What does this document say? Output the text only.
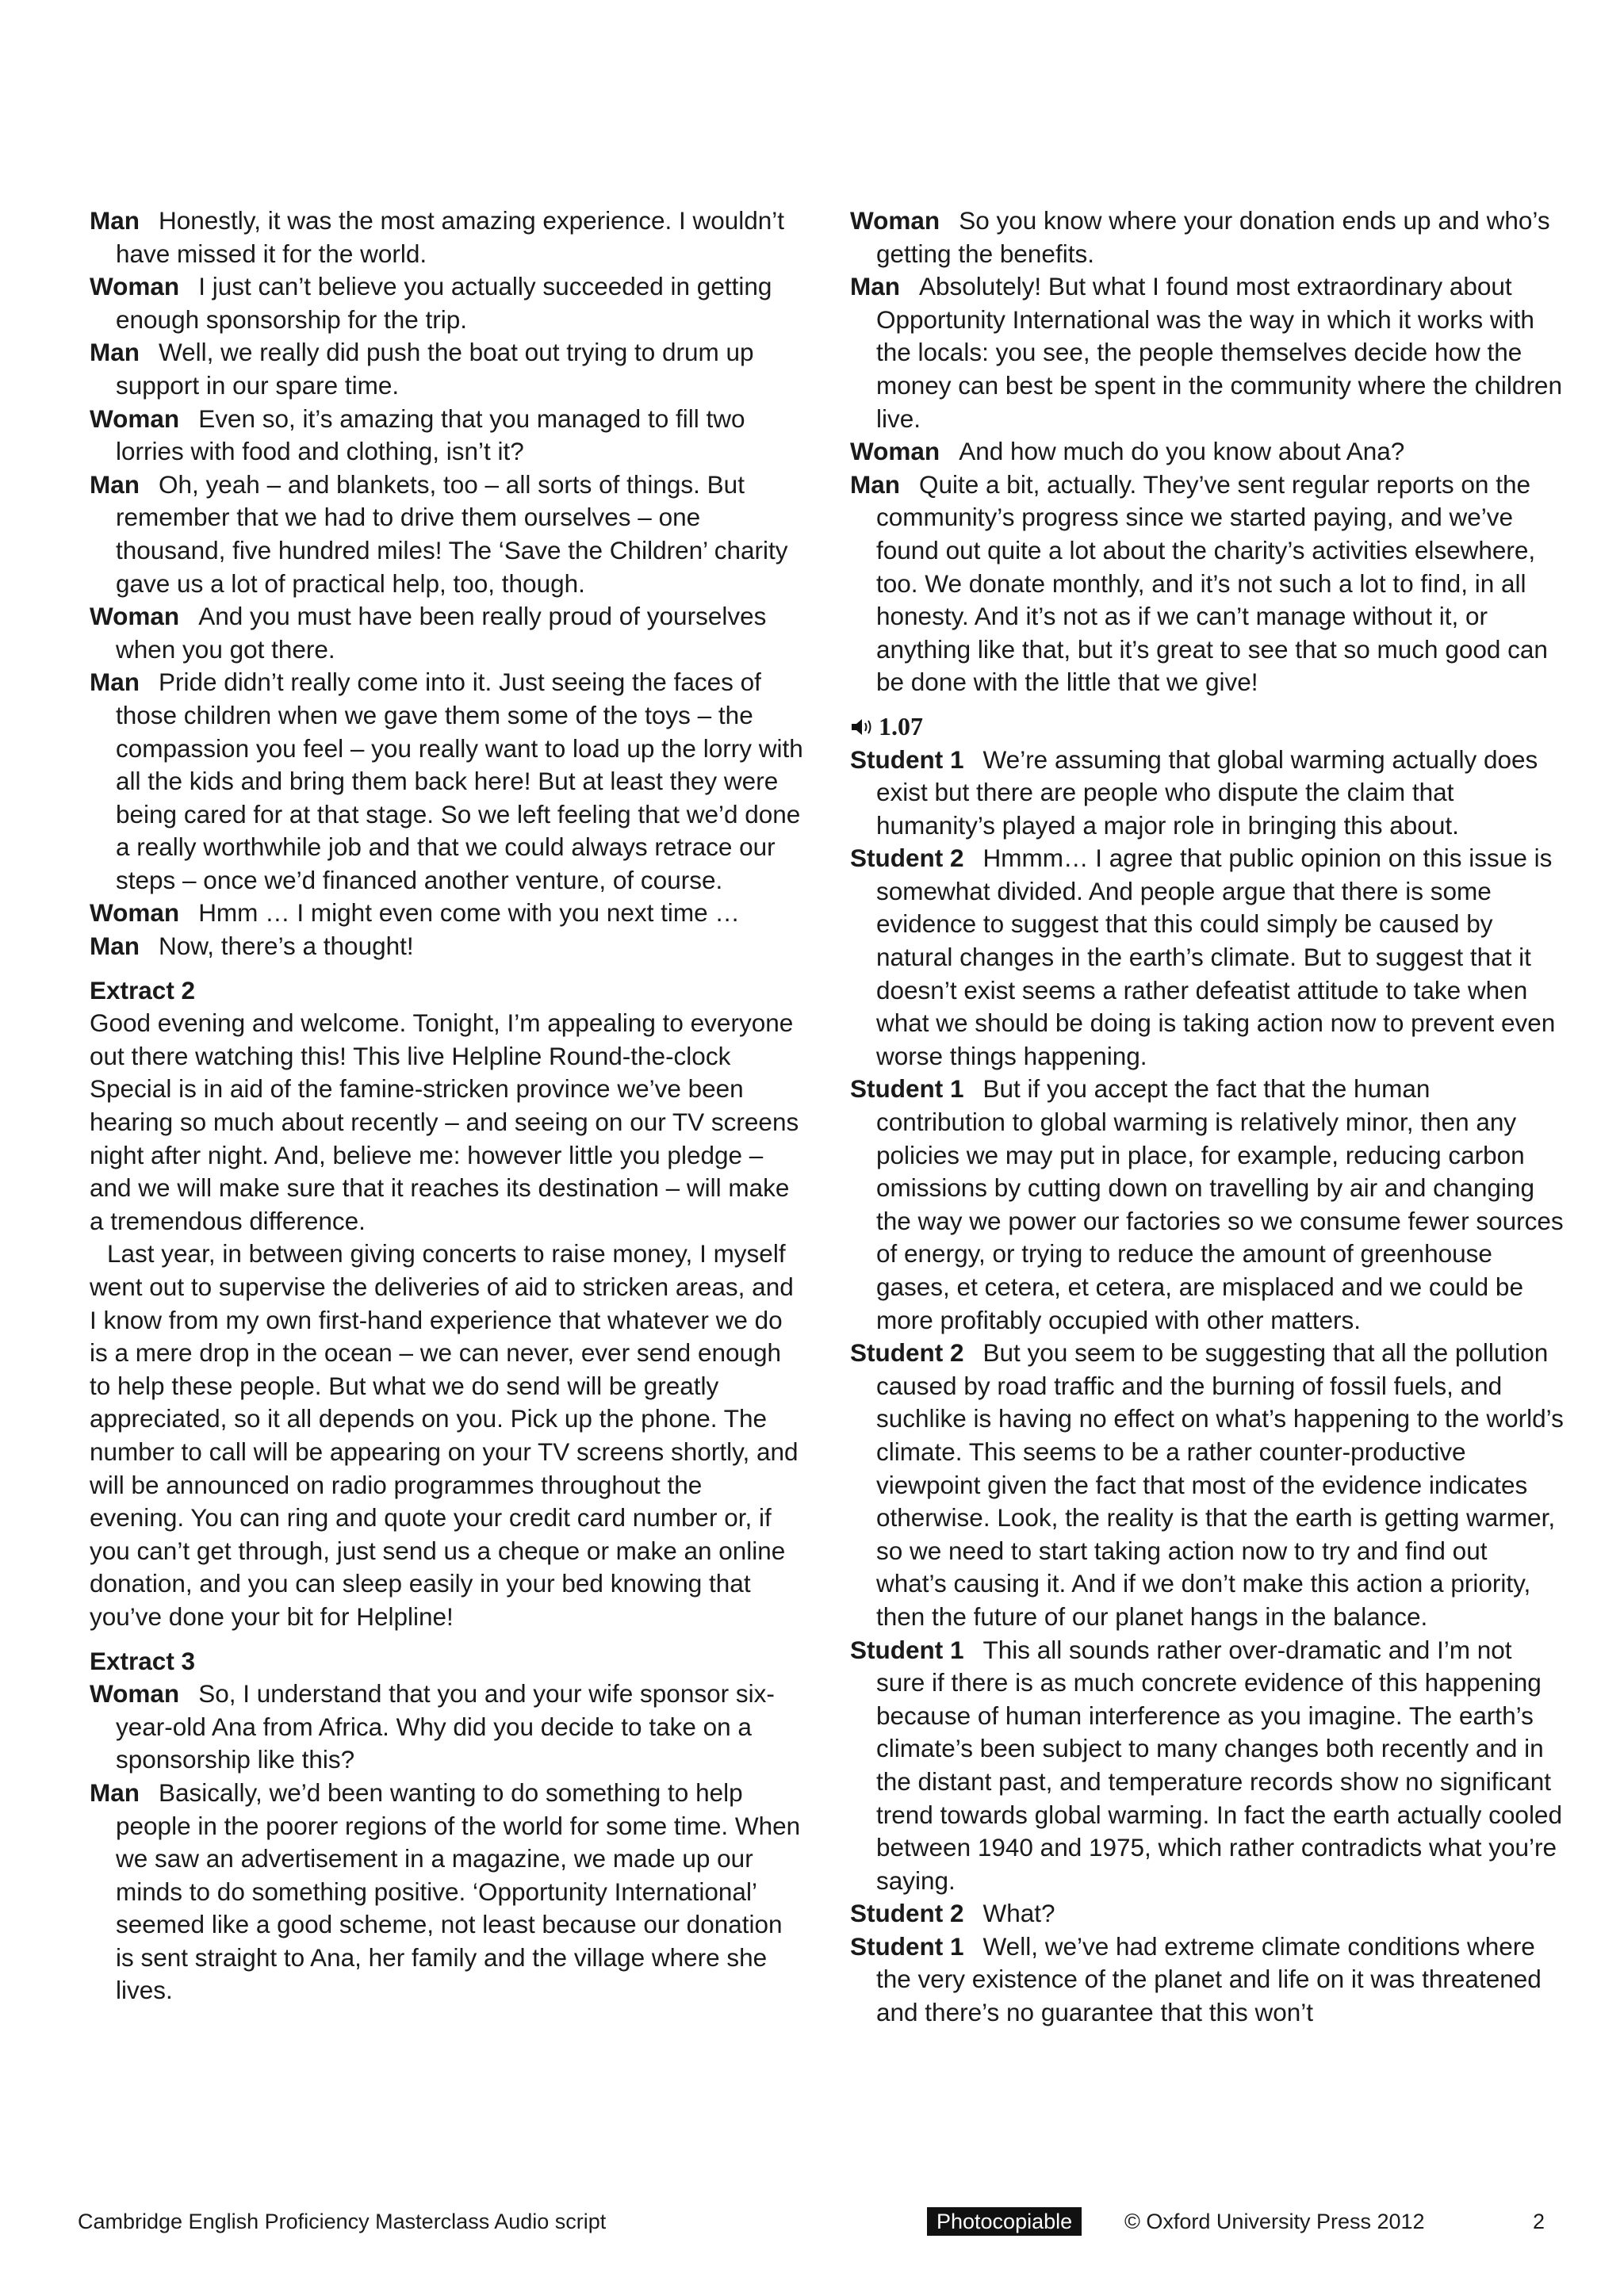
Man Honestly, it was the most amazing experience. I wouldn’t have missed it for the world.
Woman I just can’t believe you actually succeeded in getting enough sponsorship for the trip.
Man Well, we really did push the boat out trying to drum up support in our spare time.
Woman Even so, it’s amazing that you managed to fill two lorries with food and clothing, isn’t it?
Man Oh, yeah – and blankets, too – all sorts of things. But remember that we had to drive them ourselves – one thousand, five hundred miles! The ‘Save the Children’ charity gave us a lot of practical help, too, though.
Woman And you must have been really proud of yourselves when you got there.
Man Pride didn’t really come into it. Just seeing the faces of those children when we gave them some of the toys – the compassion you feel – you really want to load up the lorry with all the kids and bring them back here! But at least they were being cared for at that stage. So we left feeling that we’d done a really worthwhile job and that we could always retrace our steps – once we’d financed another venture, of course.
Woman Hmm … I might even come with you next time …
Man Now, there’s a thought!
Extract 2

Good evening and welcome. Tonight, I’m appealing to everyone out there watching this! This live Helpline Round-the-clock Special is in aid of the famine-stricken province we’ve been hearing so much about recently – and seeing on our TV screens night after night. And, believe me: however little you pledge – and we will make sure that it reaches its destination – will make a tremendous difference.

Last year, in between giving concerts to raise money, I myself went out to supervise the deliveries of aid to stricken areas, and I know from my own first-hand experience that whatever we do is a mere drop in the ocean – we can never, ever send enough to help these people. But what we do send will be greatly appreciated, so it all depends on you. Pick up the phone. The number to call will be appearing on your TV screens shortly, and will be announced on radio programmes throughout the evening. You can ring and quote your credit card number or, if you can’t get through, just send us a cheque or make an online donation, and you can sleep easily in your bed knowing that you’ve done your bit for Helpline!

Extract 3
Woman So, I understand that you and your wife sponsor six-year-old Ana from Africa. Why did you decide to take on a sponsorship like this?
Man Basically, we’d been wanting to do something to help people in the poorer regions of the world for some time. When we saw an advertisement in a magazine, we made up our minds to do something positive. ‘Opportunity International’ seemed like a good scheme, not least because our donation is sent straight to Ana, her family and the village where she lives.
Woman So you know where your donation ends up and who’s getting the benefits.
Man Absolutely! But what I found most extraordinary about Opportunity International was the way in which it works with the locals: you see, the people themselves decide how the money can best be spent in the community where the children live.
Woman And how much do you know about Ana?
Man Quite a bit, actually. They’ve sent regular reports on the community’s progress since we started paying, and we’ve found out quite a lot about the charity’s activities elsewhere, too. We donate monthly, and it’s not such a lot to find, in all honesty. And it’s not as if we can’t manage without it, or anything like that, but it’s great to see that so much good can be done with the little that we give!
1.07
Student 1 We’re assuming that global warming actually does exist but there are people who dispute the claim that humanity’s played a major role in bringing this about.
Student 2 Hmmm… I agree that public opinion on this issue is somewhat divided. And people argue that there is some evidence to suggest that this could simply be caused by natural changes in the earth’s climate. But to suggest that it doesn’t exist seems a rather defeatist attitude to take when what we should be doing is taking action now to prevent even worse things happening.
Student 1 But if you accept the fact that the human contribution to global warming is relatively minor, then any policies we may put in place, for example, reducing carbon omissions by cutting down on travelling by air and changing the way we power our factories so we consume fewer sources of energy, or trying to reduce the amount of greenhouse gases, et cetera, et cetera, are misplaced and we could be more profitably occupied with other matters.
Student 2 But you seem to be suggesting that all the pollution caused by road traffic and the burning of fossil fuels, and suchlike is having no effect on what’s happening to the world’s climate. This seems to be a rather counter-productive viewpoint given the fact that most of the evidence indicates otherwise. Look, the reality is that the earth is getting warmer, so we need to start taking action now to try and find out what’s causing it. And if we don’t make this action a priority, then the future of our planet hangs in the balance.
Student 1 This all sounds rather over-dramatic and I’m not sure if there is as much concrete evidence of this happening because of human interference as you imagine. The earth’s climate’s been subject to many changes both recently and in the distant past, and temperature records show no significant trend towards global warming. In fact the earth actually cooled between 1940 and 1975, which rather contradicts what you’re saying.
Student 2 What?
Student 1 Well, we’ve had extreme climate conditions where the very existence of the planet and life on it was threatened and there’s no guarantee that this won’t
Cambridge English Proficiency Masterclass Audio script	Photocopiable	© Oxford University Press 2012	2
